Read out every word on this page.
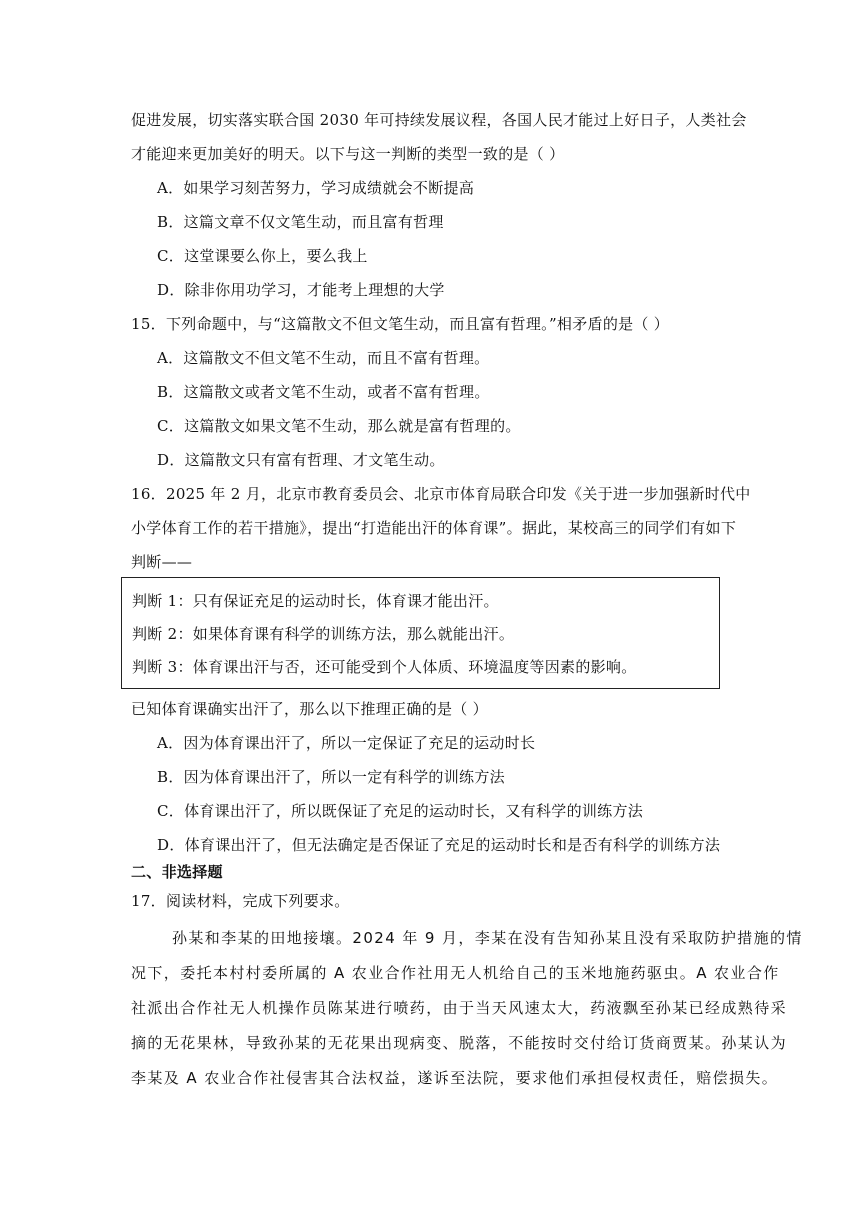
促进发展，切实落实联合国 2030 年可持续发展议程，各国人民才能过上好日子，人类社会
才能迎来更加美好的明天。以下与这一判断的类型一致的是（ ）
A．如果学习刻苦努力，学习成绩就会不断提高
B．这篇文章不仅文笔生动，而且富有哲理
C．这堂课要么你上，要么我上
D．除非你用功学习，才能考上理想的大学
15．下列命题中，与“这篇散文不但文笔生动，而且富有哲理。”相矛盾的是（ ）
A．这篇散文不但文笔不生动，而且不富有哲理。
B．这篇散文或者文笔不生动，或者不富有哲理。
C．这篇散文如果文笔不生动，那么就是富有哲理的。
D．这篇散文只有富有哲理、才文笔生动。
16．2025 年 2 月，北京市教育委员会、北京市体育局联合印发《关于进一步加强新时代中
小学体育工作的若干措施》，提出“打造能出汗的体育课”。据此，某校高三的同学们有如下
判断——
判断 1：只有保证充足的运动时长，体育课才能出汗。
判断 2：如果体育课有科学的训练方法，那么就能出汗。
判断 3：体育课出汗与否，还可能受到个人体质、环境温度等因素的影响。
已知体育课确实出汗了，那么以下推理正确的是（ ）
A．因为体育课出汗了，所以一定保证了充足的运动时长
B．因为体育课出汗了，所以一定有科学的训练方法
C．体育课出汗了，所以既保证了充足的运动时长，又有科学的训练方法
D．体育课出汗了，但无法确定是否保证了充足的运动时长和是否有科学的训练方法
二、非选择题
17．阅读材料，完成下列要求。
孙某和李某的田地接壤。2024 年 9 月，李某在没有告知孙某且没有采取防护措施的情
况下，委托本村村委所属的 A 农业合作社用无人机给自己的玉米地施药驱虫。A 农业合作
社派出合作社无人机操作员陈某进行喷药，由于当天风速太大，药液飘至孙某已经成熟待采
摘的无花果林，导致孙某的无花果出现病变、脱落，不能按时交付给订货商贾某。孙某认为
李某及 A 农业合作社侵害其合法权益，遂诉至法院，要求他们承担侵权责任，赔偿损失。
